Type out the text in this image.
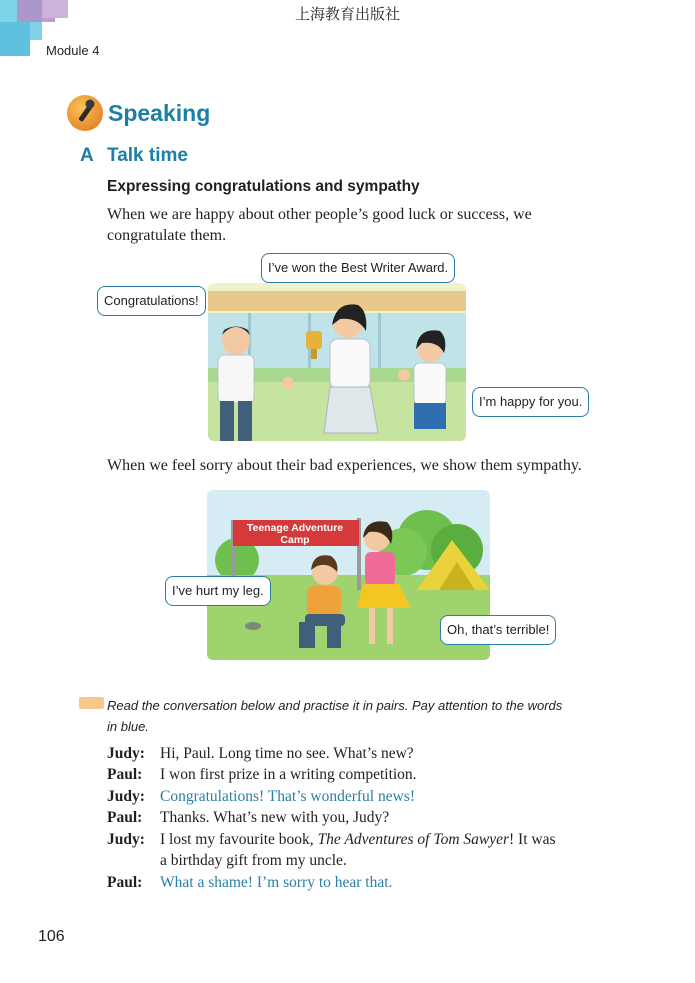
上海教育出版社
Module 4
Speaking
A Talk time
Expressing congratulations and sympathy
When we are happy about other people’s good luck or success, we
congratulate them.
I’ve won the Best Writer Award.
Congratulations!
I’m happy for you.
When we feel sorry about their bad experiences, we show them sympathy.
Teenage Adventure Camp
I’ve hurt my leg.
Oh, that’s terrible!
Read the conversation below and practise it in pairs. Pay attention to the words
in blue.
Judy: Hi, Paul. Long time no see. What’s new?
Paul: I won first prize in a writing competition.
Judy: Congratulations! That’s wonderful news!
Paul: Thanks. What’s new with you, Judy?
Judy: I lost my favourite book, The Adventures of Tom Sawyer! It was
a birthday gift from my uncle.
Paul: What a shame! I’m sorry to hear that.
106
